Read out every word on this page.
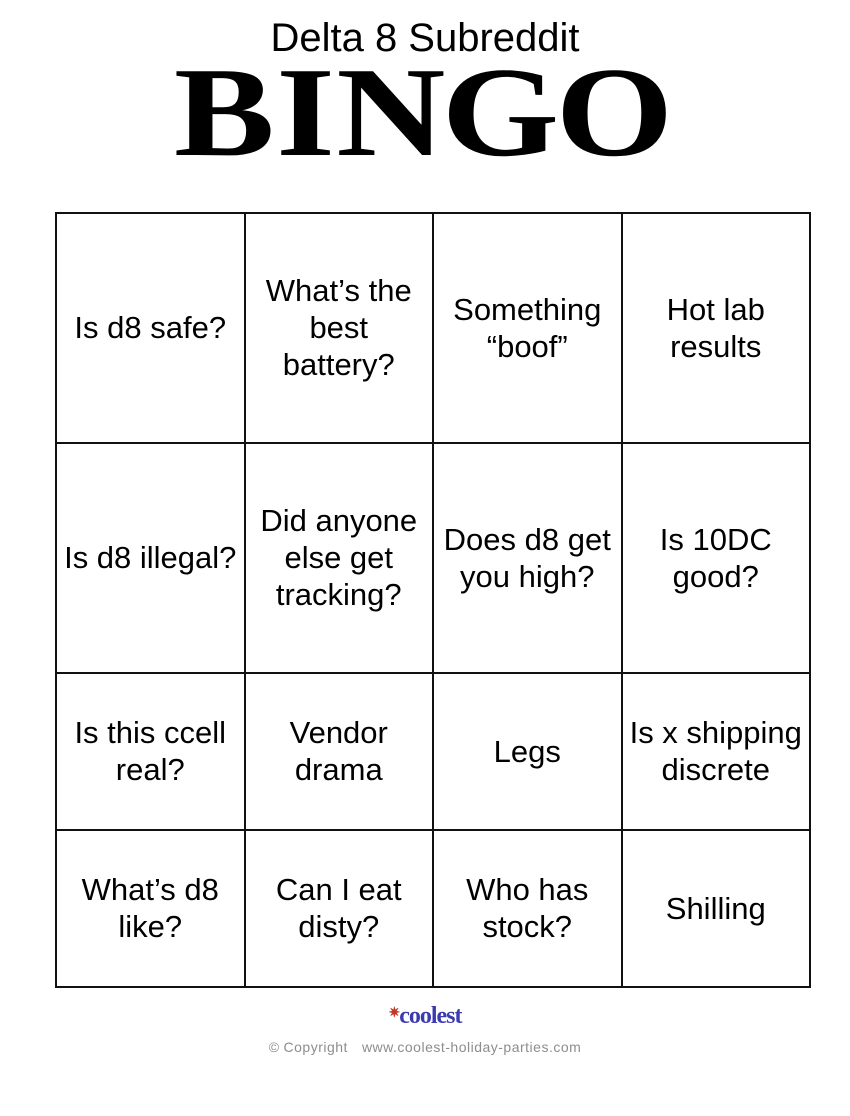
Delta 8 Subreddit
BINGO
Is d8 safe?	What’s the best battery?	Something “boof”	Hot lab results
Is d8 illegal?	Did anyone else get tracking?	Does d8 get you high?	Is 10DC good?
Is this ccell real?	Vendor drama	Legs	Is x shipping discrete
What’s d8 like?	Can I eat disty?	Who has stock?	Shilling
✷coolest
© Copyright www.coolest-holiday-parties.com
